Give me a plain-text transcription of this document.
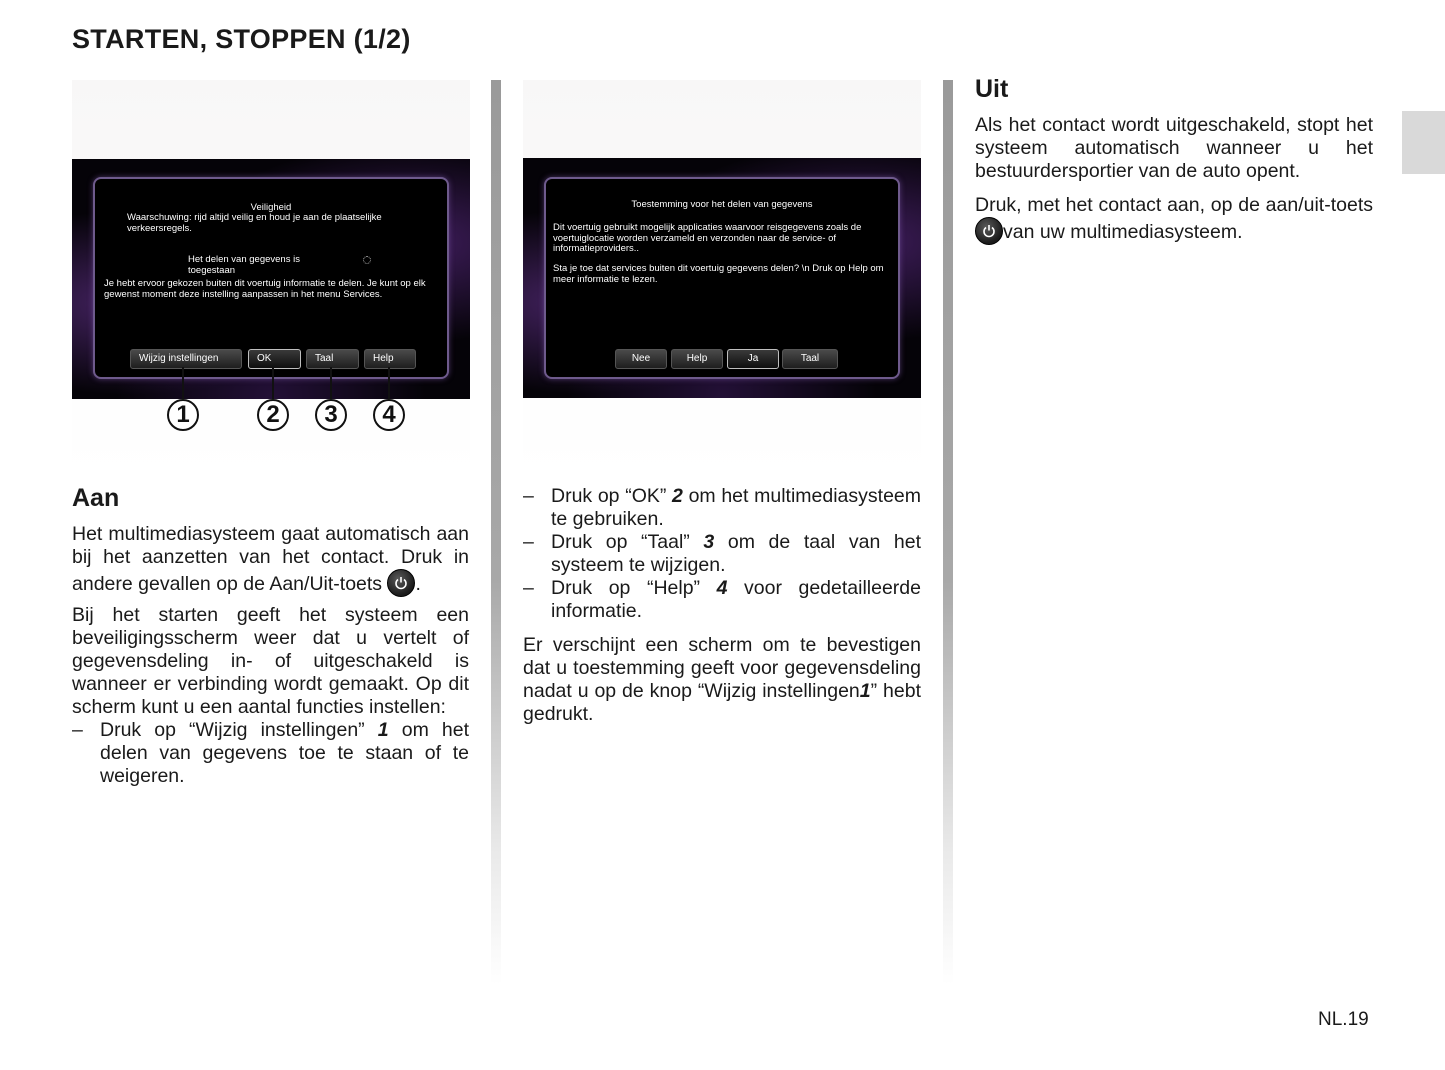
STARTEN, STOPPEN (1/2)
Veiligheid
Waarschuwing: rijd altijd veilig en houd je aan de plaatselijke verkeersregels.
Het delen van gegevens is toegestaan
Je hebt ervoor gekozen buiten dit voertuig informatie te delen. Je kunt op elk gewenst moment deze instelling aanpassen in het menu Services.
Wijzig instellingen	OK	Taal	Help
1	2	3	4
Toestemming voor het delen van gegevens
Dit voertuig gebruikt mogelijk applicaties waarvoor reisgegevens zoals de voertuiglocatie worden verzameld en verzonden naar de service- of informatieproviders..
Sta je toe dat services buiten dit voertuig gegevens delen? \n Druk op Help om meer informatie te lezen.
Nee	Help	Ja	Taal
Aan
Het multimediasysteem gaat automatisch aan bij het aanzetten van het contact. Druk in andere gevallen op de Aan/Uit-toets .
Bij het starten geeft het systeem een beveiligingsscherm weer dat u vertelt of gegevensdeling in- of uitgeschakeld is wanneer er verbinding wordt gemaakt. Op dit scherm kunt u een aantal functies instellen:
– Druk op “Wijzig instellingen” 1 om het delen van gegevens toe te staan of te weigeren.
– Druk op “OK” 2 om het multimediasysteem te gebruiken.
– Druk op “Taal” 3 om de taal van het systeem te wijzigen.
– Druk op “Help” 4 voor gedetailleerde informatie.
Er verschijnt een scherm om te bevestigen dat u toestemming geeft voor gegevensdeling nadat u op de knop “Wijzig instellingen1” hebt gedrukt.
Uit
Als het contact wordt uitgeschakeld, stopt het systeem automatisch wanneer u het bestuurdersportier van de auto opent.
Druk, met het contact aan, op de aan/uit-toets
van uw multimediasysteem.
NL.19
